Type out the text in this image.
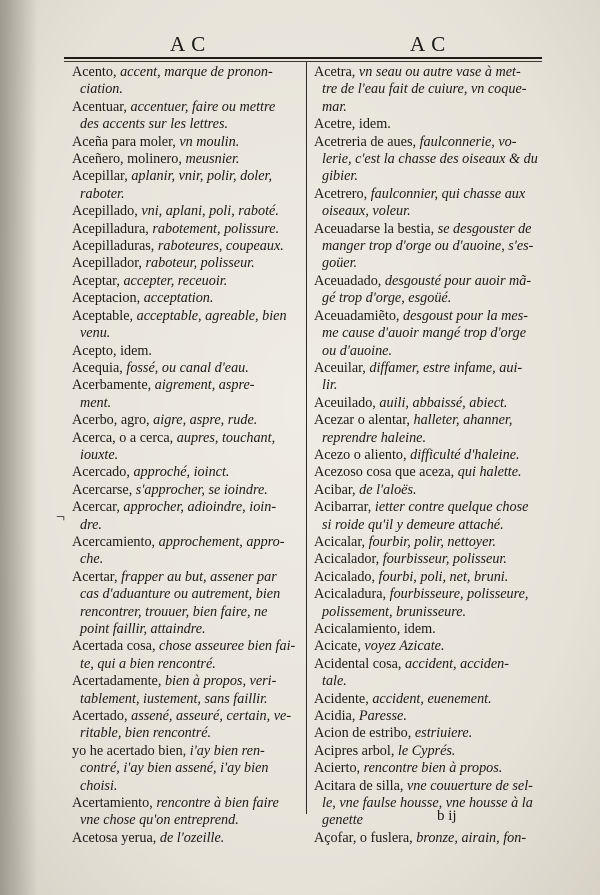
A C	A C
¬
Acento, accent, marque de pronon-

ciation.
Acentuar, accentuer, faire ou mettre

des accents sur les lettres.
Aceña para moler, vn moulin.
Aceñero, molinero, meusnier.
Acepillar, aplanir, vnir, polir, doler,

raboter.
Acepillado, vni, aplani, poli, raboté.
Acepilladura, rabotement, polissure.
Acepilladuras, raboteures, coupeaux.
Acepillador, raboteur, polisseur.
Aceptar, accepter, receuoir.
Aceptacion, acceptation.
Aceptable, acceptable, agreable, bien

venu.
Acepto, idem.
Acequia, fossé, ou canal d'eau.
Acerbamente, aigrement, aspre-

ment.
Acerbo, agro, aigre, aspre, rude.
Acerca, o a cerca, aupres, touchant,

iouxte.
Acercado, approché, ioinct.
Acercarse, s'approcher, se ioindre.
Acercar, approcher, adioindre, ioin-

dre.
Acercamiento, approchement, appro-

che.
Acertar, frapper au but, assener par

cas d'aduanture ou autrement, bien
rencontrer, trouuer, bien faire, ne
point faillir, attaindre.
Acertada cosa, chose asseuree bien fai-

te, qui a bien rencontré.
Acertadamente, bien à propos, veri-

tablement, iustement, sans faillir.
Acertado, assené, asseuré, certain, ve-

ritable, bien rencontré.
yo he acertado bien, i'ay bien ren-

contré, i'ay bien assené, i'ay bien
choisi.
Acertamiento, rencontre à bien faire

vne chose qu'on entreprend.
Acetosa yerua, de l'ozeille.
Acetra, vn seau ou autre vase à met-

tre de l'eau fait de cuiure, vn coque-
mar.
Acetre, idem.
Acetreria de aues, faulconnerie, vo-

lerie, c'est la chasse des oiseaux & du
gibier.
Acetrero, faulconnier, qui chasse aux

oiseaux, voleur.
Aceuadarse la bestia, se desgouster de

manger trop d'orge ou d'auoine, s'es-
goüer.
Aceuadado, desgousté pour auoir mã-

gé trop d'orge, esgoüé.
Aceuadamiẽto, desgoust pour la mes-

me cause d'auoir mangé trop d'orge
ou d'auoine.
Aceuilar, diffamer, estre infame, aui-

lir.
Aceuilado, auili, abbaissé, abiect.
Acezar o alentar, halleter, ahanner,

reprendre haleine.
Acezo o aliento, difficulté d'haleine.
Acezoso cosa que aceza, qui halette.
Acibar, de l'aloës.
Acibarrar, ietter contre quelque chose

si roide qu'il y demeure attaché.
Acicalar, fourbir, polir, nettoyer.
Acicalador, fourbisseur, polisseur.
Acicalado, fourbi, poli, net, bruni.
Acicaladura, fourbisseure, polisseure,

polissement, brunisseure.
Acicalamiento, idem.
Acicate, voyez Azicate.
Acidental cosa, accident, acciden-

tale.
Acidente, accident, euenement.
Acidia, Paresse.
Acion de estribo, estriuiere.
Acipres arbol, le Cyprés.
Acierto, rencontre bien à propos.
Acitara de silla, vne couuerture de sel-

le, vne faulse housse, vne housse à la
genette
Açofar, o fuslera, bronze, airain, fon-
b ij
